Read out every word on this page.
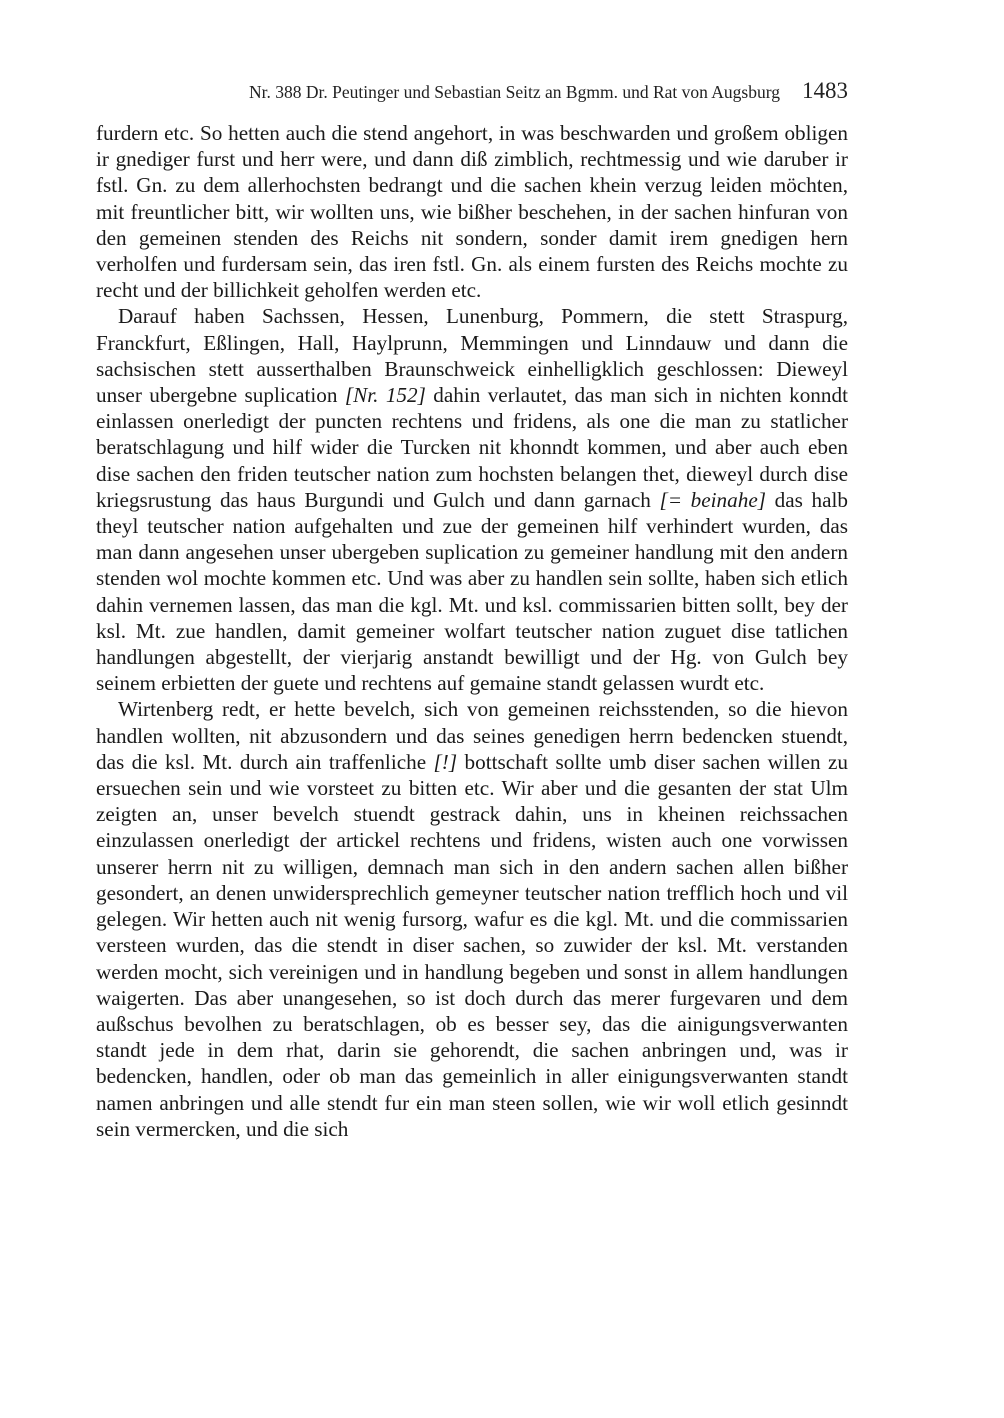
Nr. 388 Dr. Peutinger und Sebastian Seitz an Bgmm. und Rat von Augsburg 1483

furdern etc. So hetten auch die stend angehort, in was beschwarden und großem obligen ir gnediger furst und herr were, und dann diß zimblich, rechtmessig und wie daruber ir fstl. Gn. zu dem allerhochsten bedrangt und die sachen khein verzug leiden möchten, mit freuntlicher bitt, wir wollten uns, wie bißher beschehen, in der sachen hinfuran von den gemeinen stenden des Reichs nit sondern, sonder damit irem gnedigen hern verholfen und furdersam sein, das iren fstl. Gn. als einem fursten des Reichs mochte zu recht und der billichkeit geholfen werden etc.

Darauf haben Sachssen, Hessen, Lunenburg, Pommern, die stett Straspurg, Franckfurt, Eßlingen, Hall, Haylprunn, Memmingen und Linndauw und dann die sachsischen stett ausserthalben Braunschweick einhelligklich geschlossen: Dieweyl unser ubergebne suplication [Nr. 152] dahin verlautet, das man sich in nichten konndt einlassen onerledigt der puncten rechtens und fridens, als one die man zu statlicher beratschlagung und hilf wider die Turcken nit khonndt kommen, und aber auch eben dise sachen den friden teutscher nation zum hochsten belangen thet, dieweyl durch dise kriegsrustung das haus Burgundi und Gulch und dann garnach [= beinahe] das halb theyl teutscher nation aufgehalten und zue der gemeinen hilf verhindert wurden, das man dann angesehen unser ubergeben suplication zu gemeiner handlung mit den andern stenden wol mochte kommen etc. Und was aber zu handlen sein sollte, haben sich etlich dahin vernemen lassen, das man die kgl. Mt. und ksl. commissarien bitten sollt, bey der ksl. Mt. zue handlen, damit gemeiner wolfart teutscher nation zuguet dise tatlichen handlungen abgestellt, der vierjarig anstandt bewilligt und der Hg. von Gulch bey seinem erbietten der guete und rechtens auf gemaine standt gelassen wurdt etc.

Wirtenberg redt, er hette bevelch, sich von gemeinen reichsstenden, so die hievon handlen wollten, nit abzusondern und das seines genedigen herrn bedencken stuendt, das die ksl. Mt. durch ain traffenliche [!] bottschaft sollte umb diser sachen willen zu ersuechen sein und wie vorsteet zu bitten etc. Wir aber und die gesanten der stat Ulm zeigten an, unser bevelch stuendt gestrack dahin, uns in kheinen reichssachen einzulassen onerledigt der artickel rechtens und fridens, wisten auch one vorwissen unserer herrn nit zu willigen, demnach man sich in den andern sachen allen bißher gesondert, an denen unwidersprechlich gemeyner teutscher nation trefflich hoch und vil gelegen. Wir hetten auch nit wenig fursorg, wafur es die kgl. Mt. und die commissarien versteen wurden, das die stendt in diser sachen, so zuwider der ksl. Mt. verstanden werden mocht, sich vereinigen und in handlung begeben und sonst in allem handlungen waigerten. Das aber unangesehen, so ist doch durch das merer furgevaren und dem außschus bevolhen zu beratschlagen, ob es besser sey, das die ainigungsverwanten standt jede in dem rhat, darin sie gehorendt, die sachen anbringen und, was ir bedencken, handlen, oder ob man das gemeinlich in aller einigungsverwanten standt namen anbringen und alle stendt fur ein man steen sollen, wie wir woll etlich gesinndt sein vermercken, und die sich
